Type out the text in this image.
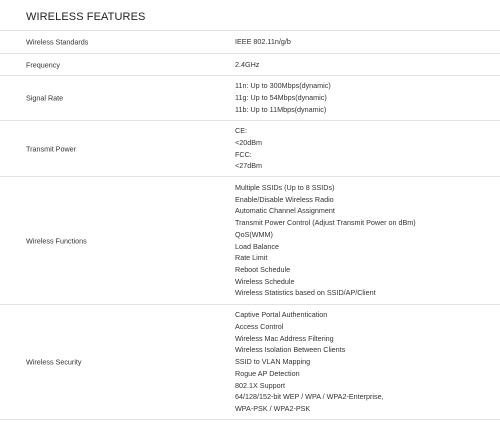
WIRELESS FEATURES
Wireless Standards	IEEE 802.11n/g/b
Frequency	2.4GHz
Signal Rate
11n: Up to 300Mbps(dynamic)
11g: Up to 54Mbps(dynamic)
11b: Up to 11Mbps(dynamic)
Transmit Power
CE:
<20dBm
FCC:
<27dBm
Wireless Functions
Multiple SSIDs (Up to 8 SSIDs)
Enable/Disable Wireless Radio
Automatic Channel Assignment
Transmit Power Control (Adjust Transmit Power on dBm)
QoS(WMM)
Load Balance
Rate Limit
Reboot Schedule
Wireless Schedule
Wireless Statistics based on SSID/AP/Client
Wireless Security
Captive Portal Authentication
Access Control
Wireless Mac Address Filtering
Wireless Isolation Between Clients
SSID to VLAN Mapping
Rogue AP Detection
802.1X Support
64/128/152-bit WEP / WPA / WPA2-Enterprise,
WPA-PSK / WPA2-PSK
